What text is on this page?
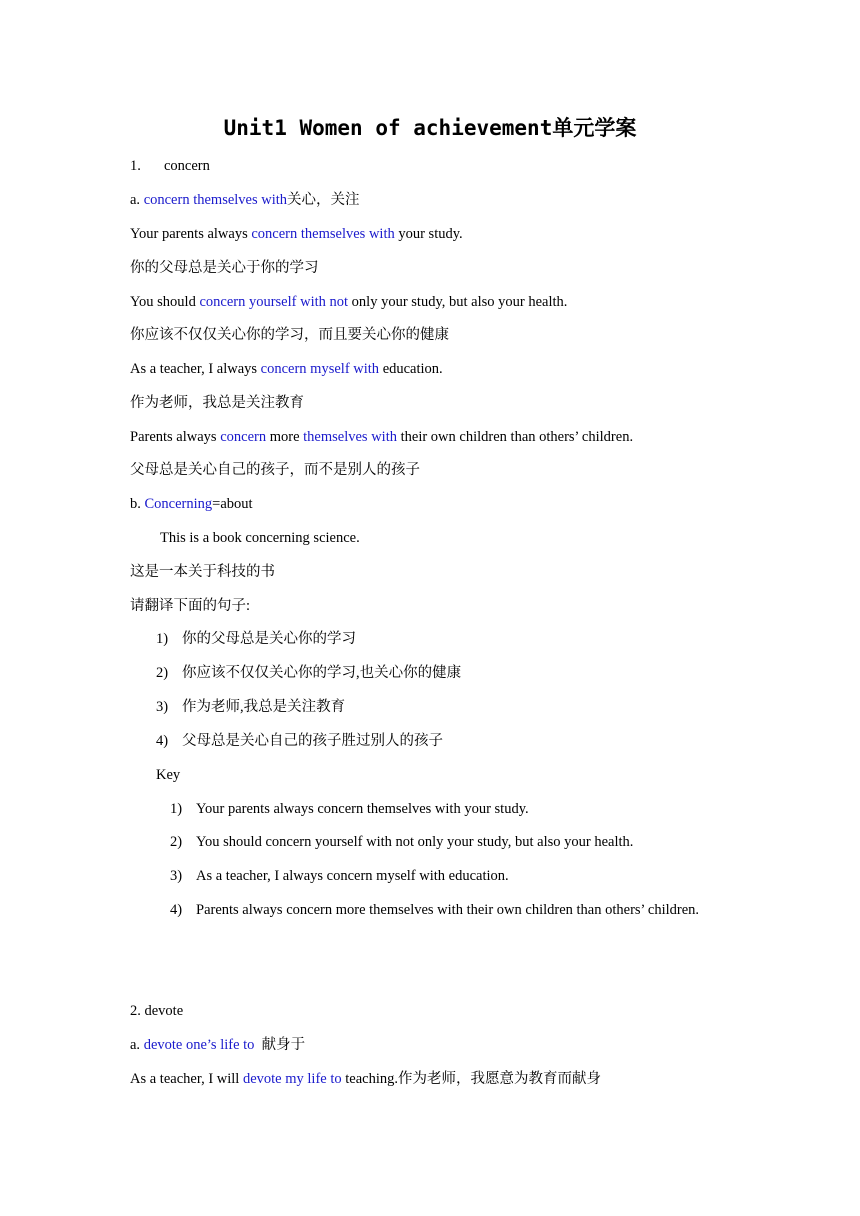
Unit1 Women of achievement单元学案
1. concern
a. concern themselves with关心，关注
Your parents always concern themselves with your study.
你的父母总是关心于你的学习
You should concern yourself with not only your study, but also your health.
你应该不仅仅关心你的学习，而且要关心你的健康
As a teacher, I always concern myself with education.
作为老师，我总是关注教育
Parents always concern more themselves with their own children than others’ children.
父母总是关心自己的孩子，而不是别人的孩子
b. Concerning=about
This is a book concerning science.
这是一本关于科技的书
请翻译下面的句子:
1) 你的父母总是关心你的学习
2) 你应该不仅仅关心你的学习,也关心你的健康
3) 作为老师,我总是关注教育
4) 父母总是关心自己的孩子胜过别人的孩子
Key
1) Your parents always concern themselves with your study.
2) You should concern yourself with not only your study, but also your health.
3) As a teacher, I always concern myself with education.
4) Parents always concern more themselves with their own children than others’ children.
2. devote
a. devote one’s life to  献身于
As a teacher, I will devote my life to teaching.作为老师，我愿意为教育而献身
